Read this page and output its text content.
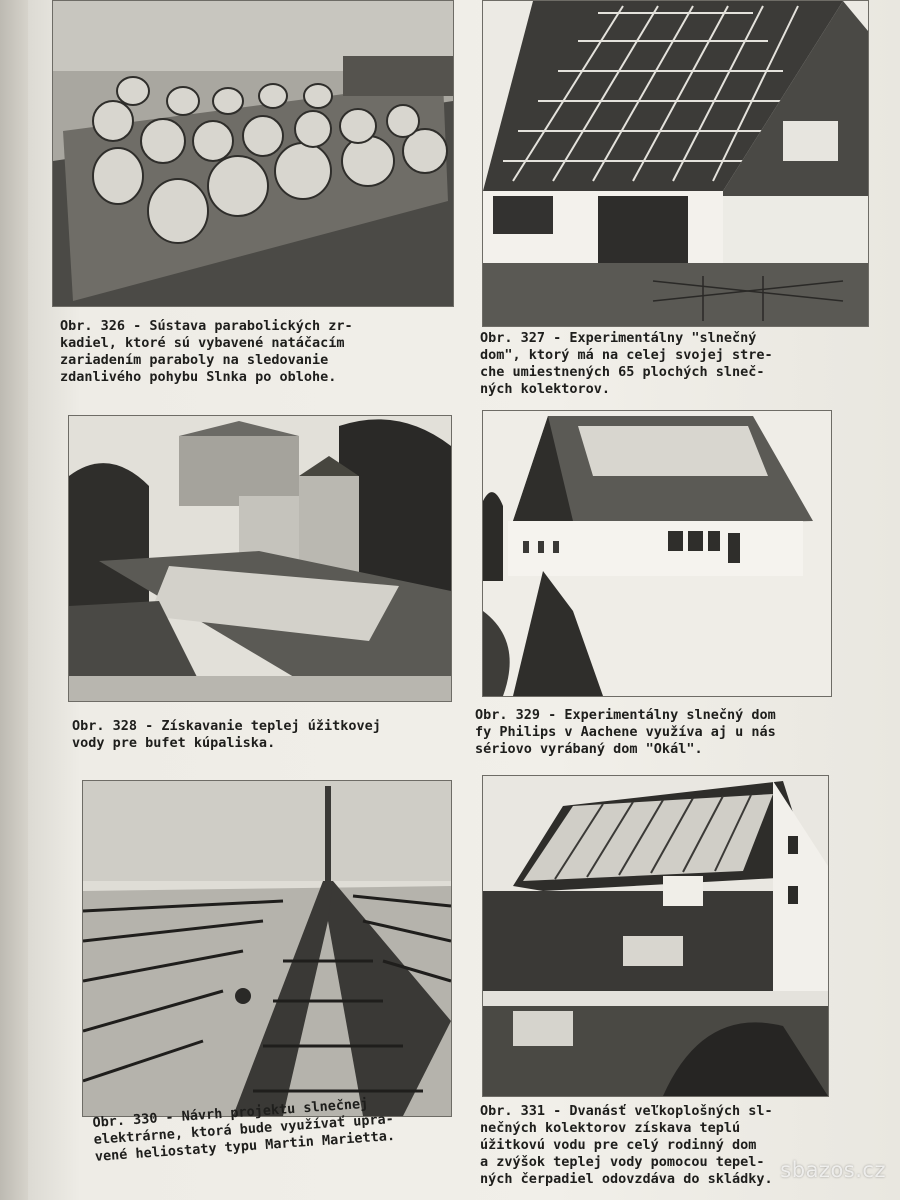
Obr. 326 - Sústava parabolických zr-
kadiel, ktoré sú vybavené natáčacím
zariadením paraboly na sledovanie
zdanlivého pohybu Slnka po oblohe.

Obr. 327 - Experimentálny "slnečný
dom", ktorý má na celej svojej stre-
che umiestnených 65 plochých slneč-
ných kolektorov.

Obr. 328 - Získavanie teplej úžitkovej
vody pre bufet kúpaliska.

Obr. 329 - Experimentálny slnečný dom
fy Philips v Aachene využíva aj u nás
sériovo vyrábaný dom "Okál".

Obr. 330 - Návrh projektu slnečnej
elektrárne, ktorá bude využívať upra-
vené heliostaty typu Martin Marietta.

Obr. 331 - Dvanásť veľkoplošných sl-
nečných kolektorov získava teplú
úžitkovú vodu pre celý rodinný dom
a zvýšok teplej vody pomocou tepel-
ných čerpadiel odovzdáva do skládky. sbazos.cz
